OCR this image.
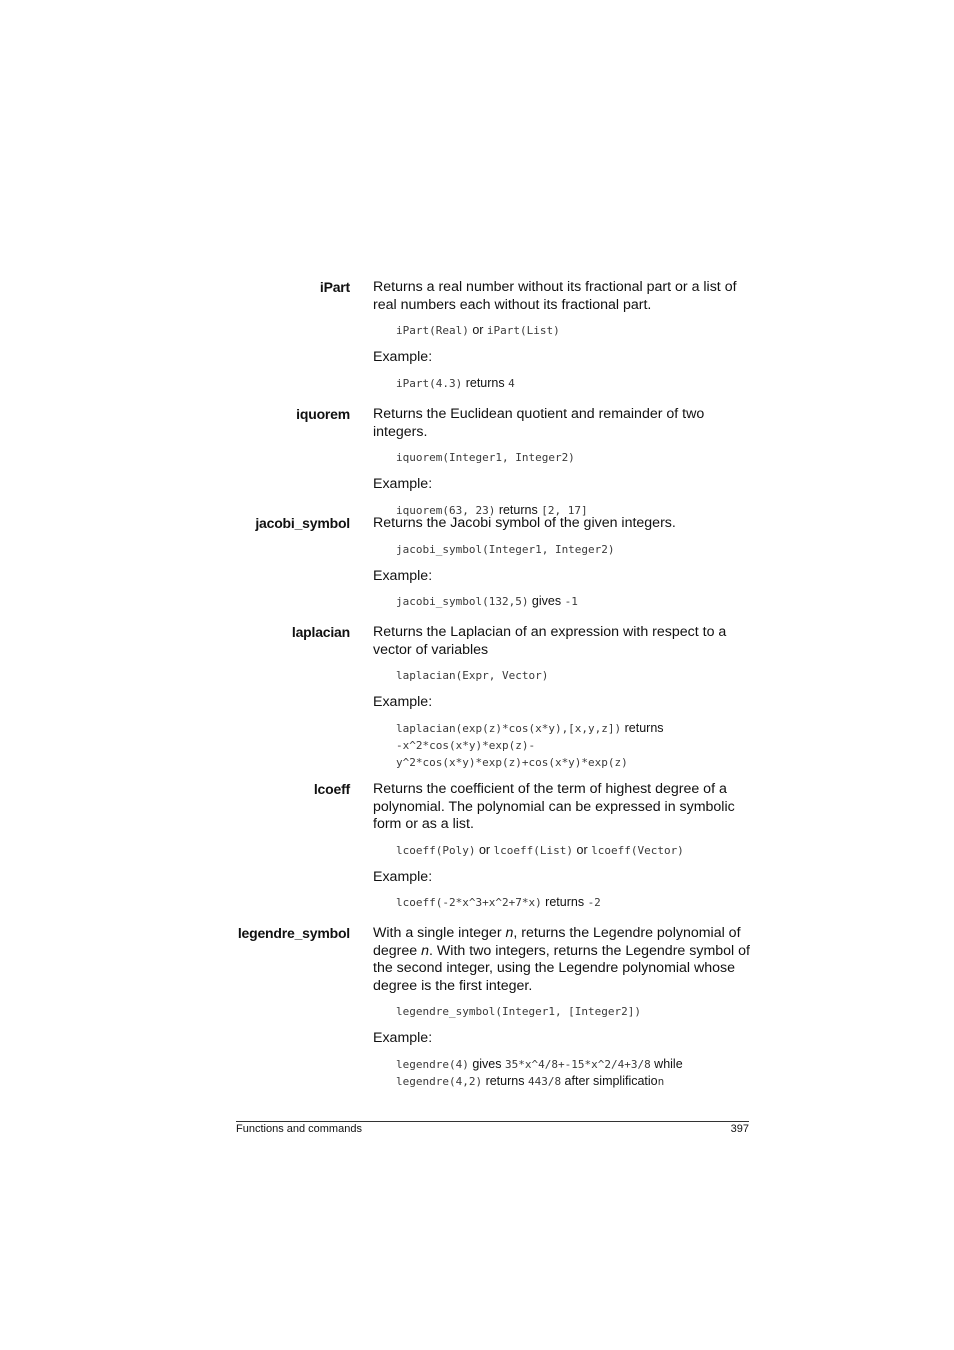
iPart Returns a real number without its fractional part or a list of real numbers each without its fractional part.

iPart(Real) or iPart(List)

Example:

iPart(4.3) returns 4
iquorem Returns the Euclidean quotient and remainder of two integers.

iquorem(Integer1, Integer2)

Example:

iquorem(63, 23) returns [2, 17]
jacobi_symbol Returns the Jacobi symbol of the given integers.

jacobi_symbol(Integer1, Integer2)

Example:

jacobi_symbol(132,5) gives -1
laplacian Returns the Laplacian of an expression with respect to a vector of variables

laplacian(Expr, Vector)

Example:

laplacian(exp(z)*cos(x*y),[x,y,z]) returns
-x^2*cos(x*y)*exp(z)-
y^2*cos(x*y)*exp(z)+cos(x*y)*exp(z)
lcoeff Returns the coefficient of the term of highest degree of a polynomial. The polynomial can be expressed in symbolic form or as a list.

lcoeff(Poly) or lcoeff(List) or lcoeff(Vector)

Example:

lcoeff(-2*x^3+x^2+7*x) returns -2
legendre_symbol With a single integer n, returns the Legendre polynomial of degree n. With two integers, returns the Legendre symbol of the second integer, using the Legendre polynomial whose degree is the first integer.

legendre_symbol(Integer1, [Integer2])

Example:

legendre(4) gives 35*x^4/8+-15*x^2/4+3/8 while
legendre(4,2) returns 443/8 after simplification
Functions and commands	397
